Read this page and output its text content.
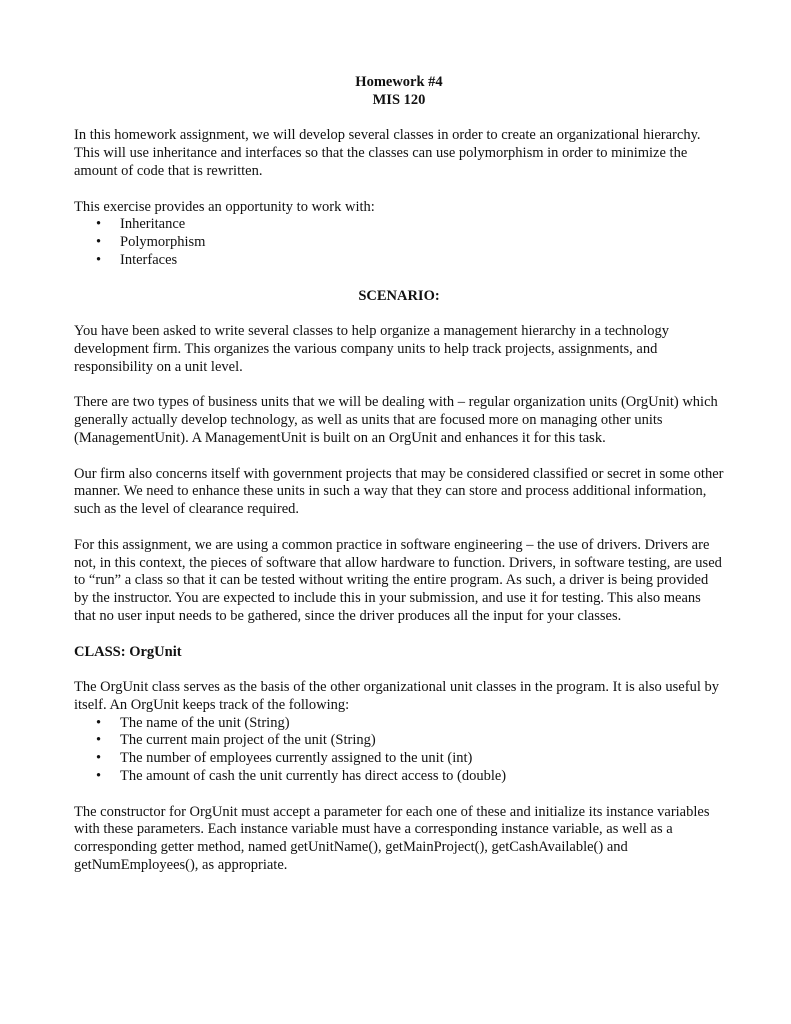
Homework #4

MIS 120

In this homework assignment, we will develop several classes in order to create an organizational hierarchy. This will use inheritance and interfaces so that the classes can use polymorphism in order to minimize the amount of code that is rewritten.

This exercise provides an opportunity to work with:

• Inheritance
• Polymorphism
• Interfaces

SCENARIO:

You have been asked to write several classes to help organize a management hierarchy in a technology development firm. This organizes the various company units to help track projects, assignments, and responsibility on a unit level.

There are two types of business units that we will be dealing with – regular organization units (OrgUnit) which generally actually develop technology, as well as units that are focused more on managing other units (ManagementUnit). A ManagementUnit is built on an OrgUnit and enhances it for this task.

Our firm also concerns itself with government projects that may be considered classified or secret in some other manner. We need to enhance these units in such a way that they can store and process additional information, such as the level of clearance required.

For this assignment, we are using a common practice in software engineering – the use of drivers. Drivers are not, in this context, the pieces of software that allow hardware to function. Drivers, in software testing, are used to “run” a class so that it can be tested without writing the entire program. As such, a driver is being provided by the instructor. You are expected to include this in your submission, and use it for testing. This also means that no user input needs to be gathered, since the driver produces all the input for your classes.

CLASS: OrgUnit

The OrgUnit class serves as the basis of the other organizational unit classes in the program. It is also useful by itself. An OrgUnit keeps track of the following:

• The name of the unit (String)
• The current main project of the unit (String)
• The number of employees currently assigned to the unit (int)
• The amount of cash the unit currently has direct access to (double)

The constructor for OrgUnit must accept a parameter for each one of these and initialize its instance variables with these parameters. Each instance variable must have a corresponding instance variable, as well as a corresponding getter method, named getUnitName(), getMainProject(), getCashAvailable() and getNumEmployees(), as appropriate.
